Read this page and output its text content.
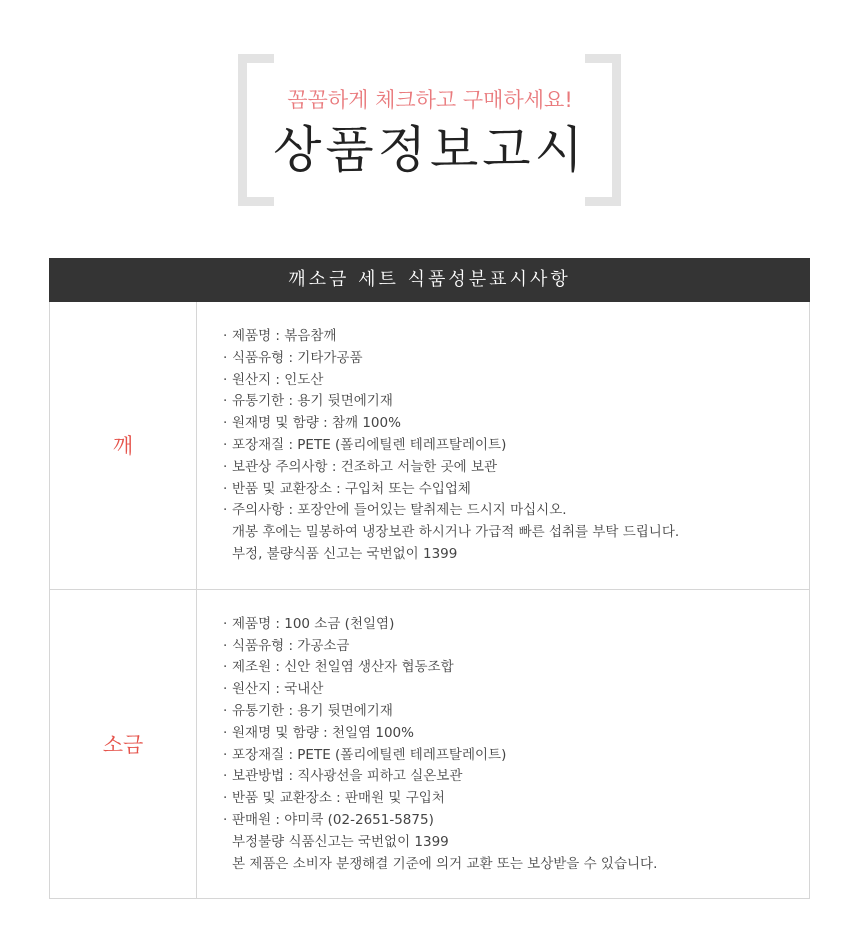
꼼꼼하게 체크하고 구매하세요!
상품정보고시
깨소금 세트 식품성분표시사항
깨
· 제품명 : 볶음참깨
· 식품유형 : 기타가공품
· 원산지 : 인도산
· 유통기한 : 용기 뒷면에기재
· 원재명 및 함량 : 참깨 100%
· 포장재질 : PETE (폴리에틸렌 테레프탈레이트)
· 보관상 주의사항 : 건조하고 서늘한 곳에 보관
· 반품 및 교환장소 : 구입처 또는 수입업체
· 주의사항 : 포장안에 들어있는 탈취제는 드시지 마십시오.
개봉 후에는 밀봉하여 냉장보관 하시거나 가급적 빠른 섭취를 부탁 드립니다.
부정, 불량식품 신고는 국번없이 1399
소금
· 제품명 : 100 소금 (천일염)
· 식품유형 : 가공소금
· 제조원 : 신안 천일염 생산자 협동조합
· 원산지 : 국내산
· 유통기한 : 용기 뒷면에기재
· 원재명 및 함량 : 천일염 100%
· 포장재질 : PETE (폴리에틸렌 테레프탈레이트)
· 보관방법 : 직사광선을 피하고 실온보관
· 반품 및 교환장소 : 판매원 및 구입처
· 판매원 : 야미쿡 (02-2651-5875)
부정불량 식품신고는 국번없이 1399
본 제품은 소비자 분쟁해결 기준에 의거 교환 또는 보상받을 수 있습니다.
